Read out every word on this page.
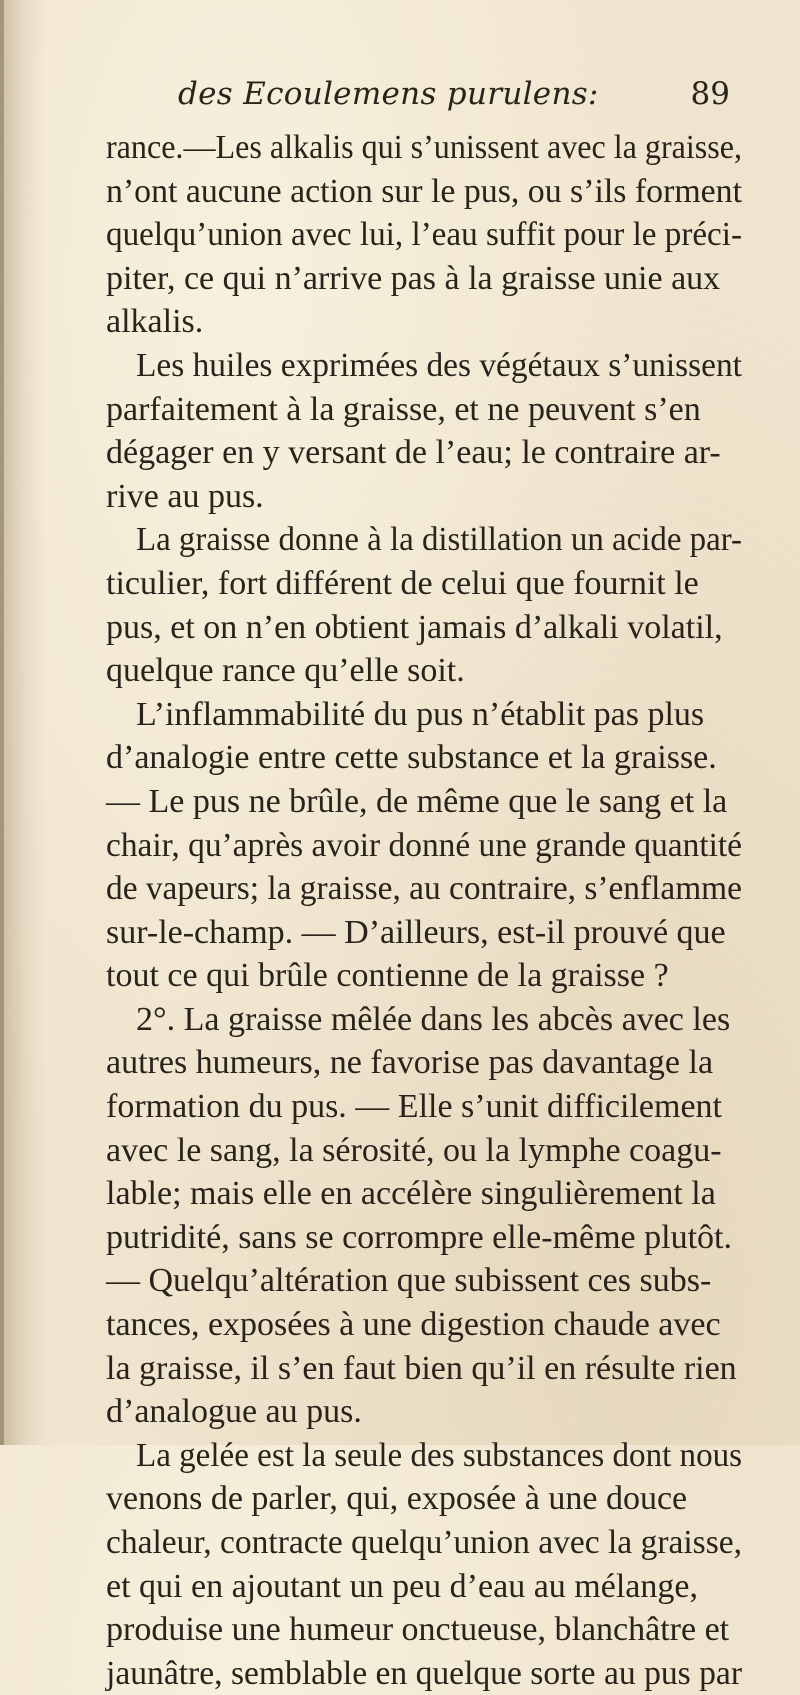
des Ecoulemens purulens:	89
rance.—Les alkalis qui s’unissent avec la graisse,
n’ont aucune action sur le pus, ou s’ils forment
quelqu’union avec lui, l’eau suffit pour le préci-
piter, ce qui n’arrive pas à la graisse unie aux
alkalis.
Les huiles exprimées des végétaux s’unissent
parfaitement à la graisse, et ne peuvent s’en
dégager en y versant de l’eau; le contraire ar-
rive au pus.
La graisse donne à la distillation un acide par-
ticulier, fort différent de celui que fournit le
pus, et on n’en obtient jamais d’alkali volatil,
quelque rance qu’elle soit.
L’inflammabilité du pus n’établit pas plus
d’analogie entre cette substance et la graisse.
— Le pus ne brûle, de même que le sang et la
chair, qu’après avoir donné une grande quantité
de vapeurs; la graisse, au contraire, s’enflamme
sur-le-champ. — D’ailleurs, est-il prouvé que
tout ce qui brûle contienne de la graisse ?
2°. La graisse mêlée dans les abcès avec les
autres humeurs, ne favorise pas davantage la
formation du pus. — Elle s’unit difficilement
avec le sang, la sérosité, ou la lymphe coagu-
lable; mais elle en accélère singulièrement la
putridité, sans se corrompre elle-même plutôt.
— Quelqu’altération que subissent ces subs-
tances, exposées à une digestion chaude avec
la graisse, il s’en faut bien qu’il en résulte rien
d’analogue au pus.
La gelée est la seule des substances dont nous
venons de parler, qui, exposée à une douce
chaleur, contracte quelqu’union avec la graisse,
et qui en ajoutant un peu d’eau au mélange,
produise une humeur onctueuse, blanchâtre et
jaunâtre, semblable en quelque sorte au pus par
